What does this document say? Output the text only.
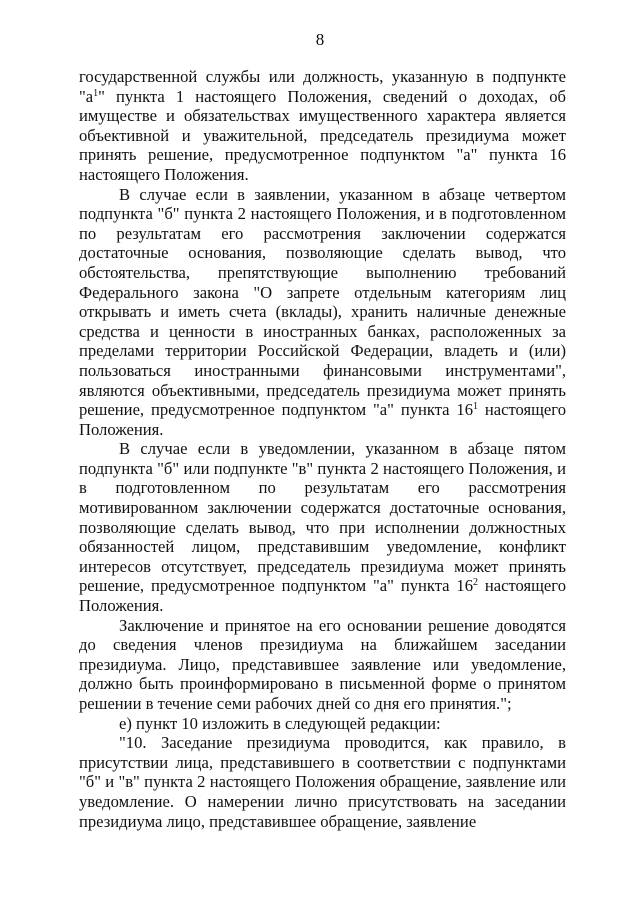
8

государственной службы или должность, указанную в подпункте "$а^1$" пункта 1 настоящего Положения, сведений о доходах, об имуществе и обязательствах имущественного характера является объективной и уважительной, председатель президиума может принять решение, предусмотренное подпунктом "а" пункта 16 настоящего Положения.

В случае если в заявлении, указанном в абзаце четвертом подпункта "б" пункта 2 настоящего Положения, и в подготовленном по результатам его рассмотрения заключении содержатся достаточные основания, позволяющие сделать вывод, что обстоятельства, препятствующие выполнению требований Федерального закона "О запрете отдельным категориям лиц открывать и иметь счета (вклады), хранить наличные денежные средства и ценности в иностранных банках, расположенных за пределами территории Российской Федерации, владеть и (или) пользоваться иностранными финансовыми инструментами", являются объективными, председатель президиума может принять решение, предусмотренное подпунктом "а" пункта $16^1$ настоящего Положения.

В случае если в уведомлении, указанном в абзаце пятом подпункта "б" или подпункте "в" пункта 2 настоящего Положения, и в подготовленном по результатам его рассмотрения мотивированном заключении содержатся достаточные основания, позволяющие сделать вывод, что при исполнении должностных обязанностей лицом, представившим уведомление, конфликт интересов отсутствует, председатель президиума может принять решение, предусмотренное подпунктом "а" пункта $16^2$ настоящего Положения.

Заключение и принятое на его основании решение доводятся до сведения членов президиума на ближайшем заседании президиума. Лицо, представившее заявление или уведомление, должно быть проинформировано в письменной форме о принятом решении в течение семи рабочих дней со дня его принятия.";

е) пункт 10 изложить в следующей редакции:

"10. Заседание президиума проводится, как правило, в присутствии лица, представившего в соответствии с подпунктами "б" и "в" пункта 2 настоящего Положения обращение, заявление или уведомление. О намерении лично присутствовать на заседании президиума лицо, представившее обращение, заявление
